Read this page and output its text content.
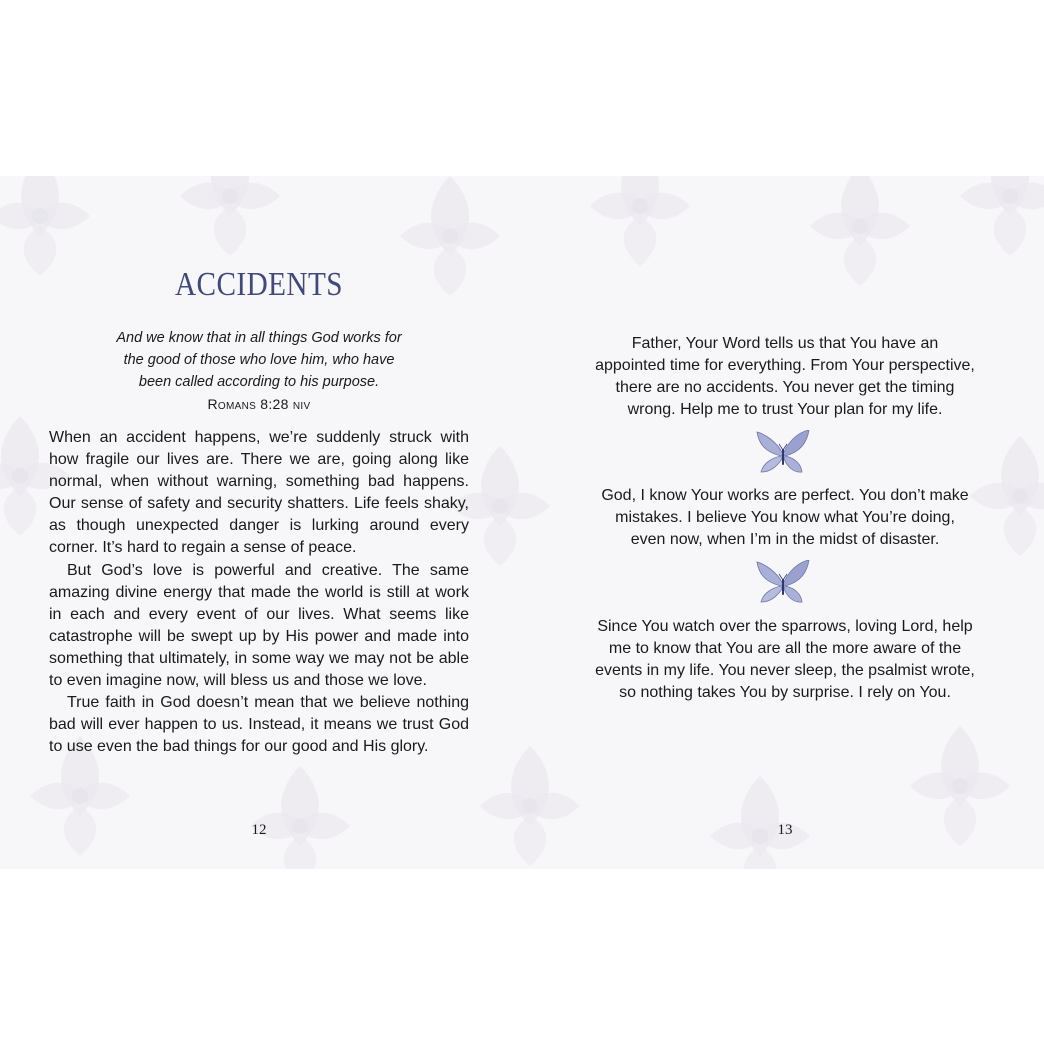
ACCIDENTS
And we know that in all things God works for
the good of those who love him, who have
been called according to his purpose.
Romans 8:28 niv

When an accident happens, we’re suddenly struck with how fragile our lives are. There we are, going along like normal, when without warning, something bad happens. Our sense of safety and security shatters. Life feels shaky, as though unexpected danger is lurking around every corner. It’s hard to regain a sense of peace.

But God’s love is powerful and creative. The same amazing divine energy that made the world is still at work in each and every event of our lives. What seems like catastrophe will be swept up by His power and made into something that ultimately, in some way we may not be able to even imagine now, will bless us and those we love.

True faith in God doesn’t mean that we believe nothing bad will ever happen to us. Instead, it means we trust God to use even the bad things for our good and His glory.

12
Father, Your Word tells us that You have an
appointed time for everything. From Your perspective,
there are no accidents. You never get the timing
wrong. Help me to trust Your plan for my life.
God, I know Your works are perfect. You don’t make
mistakes. I believe You know what You’re doing,
even now, when I’m in the midst of disaster.
Since You watch over the sparrows, loving Lord, help
me to know that You are all the more aware of the
events in my life. You never sleep, the psalmist wrote,
so nothing takes You by surprise. I rely on You.
13
